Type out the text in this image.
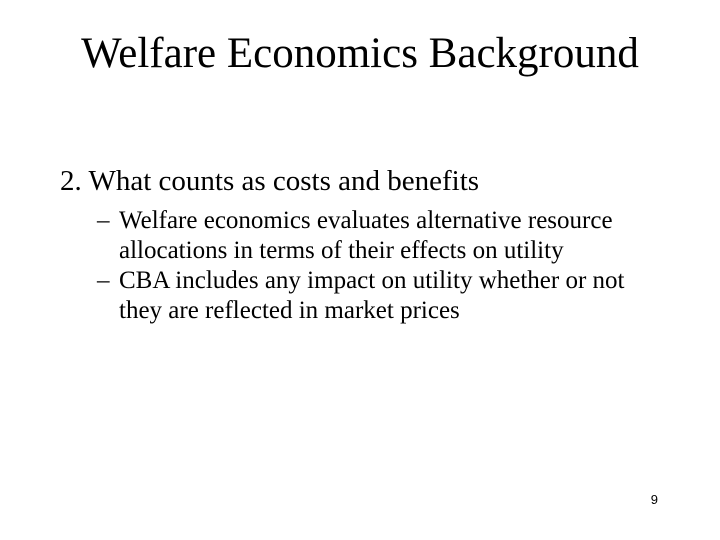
Welfare Economics Background
2. What counts as costs and benefits
– Welfare economics evaluates alternative resource allocations in terms of their effects on utility
– CBA includes any impact on utility whether or not they are reflected in market prices
9
